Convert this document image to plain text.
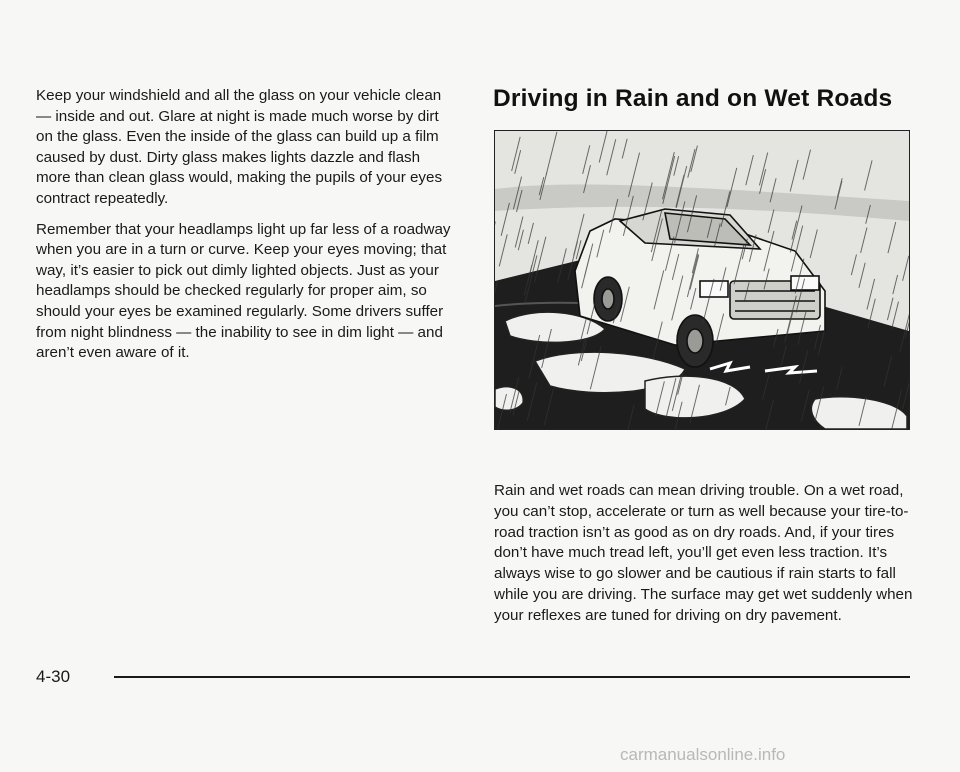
Keep your windshield and all the glass on your vehicle clean — inside and out. Glare at night is made much worse by dirt on the glass. Even the inside of the glass can build up a film caused by dust. Dirty glass makes lights dazzle and flash more than clean glass would, making the pupils of your eyes contract repeatedly.

Remember that your headlamps light up far less of a roadway when you are in a turn or curve. Keep your eyes moving; that way, it’s easier to pick out dimly lighted objects. Just as your headlamps should be checked regularly for proper aim, so should your eyes be examined regularly. Some drivers suffer from night blindness — the inability to see in dim light — and aren’t even aware of it.

Driving in Rain and on Wet Roads

Rain and wet roads can mean driving trouble. On a wet road, you can’t stop, accelerate or turn as well because your tire-to-road traction isn’t as good as on dry roads. And, if your tires don’t have much tread left, you’ll get even less traction. It’s always wise to go slower and be cautious if rain starts to fall while you are driving. The surface may get wet suddenly when your reflexes are tuned for driving on dry pavement.

4-30
carmanualsonline.info
